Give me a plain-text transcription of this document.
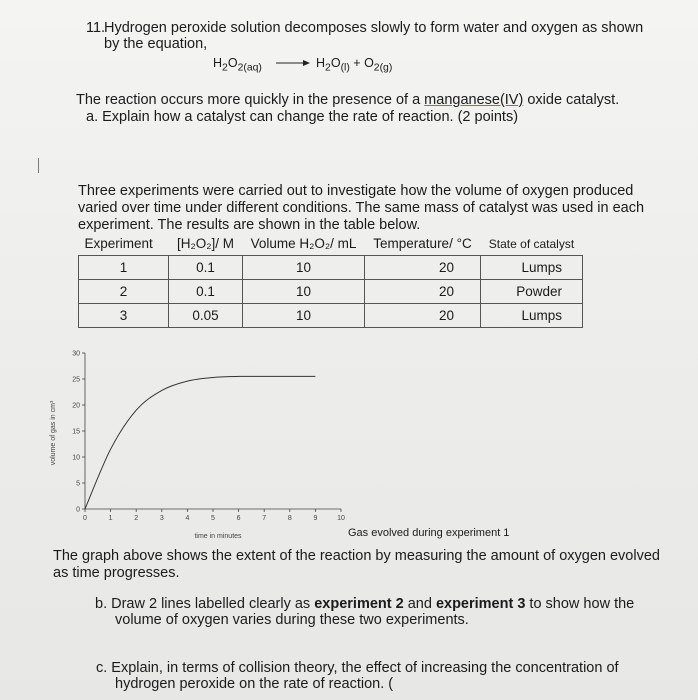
11.
Hydrogen peroxide solution decomposes slowly to form water and oxygen as shown
by the equation,
$H_2O_{2(aq)} \to H_2O_{(l)} + O_{2(g)}$
The reaction occurs more quickly in the presence of a manganese(IV) oxide catalyst.
a. Explain how a catalyst can change the rate of reaction. (2 points)
Three experiments were carried out to investigate how the volume of oxygen produced
varied over time under different conditions. The same mass of catalyst was used in each
experiment. The results are shown in the table below.
Experiment	[H₂O₂]/ M	Volume H₂O₂/ mL	Temperature/ °C	State of catalyst
1	0.1	10	20	Lumps
2	0.1	10	20	Powder
3	0.05	10	20	Lumps
0
5
10
15
20
25
30
0	1	2	3	4	5	6	7	8	9	10
volume of gas in cm³
time in minutes	Gas evolved during experiment 1
The graph above shows the extent of the reaction by measuring the amount of oxygen evolved
as time progresses.
b. Draw 2 lines labelled clearly as experiment 2 and experiment 3 to show how the
volume of oxygen varies during these two experiments.
c. Explain, in terms of collision theory, the effect of increasing the concentration of
hydrogen peroxide on the rate of reaction. (
